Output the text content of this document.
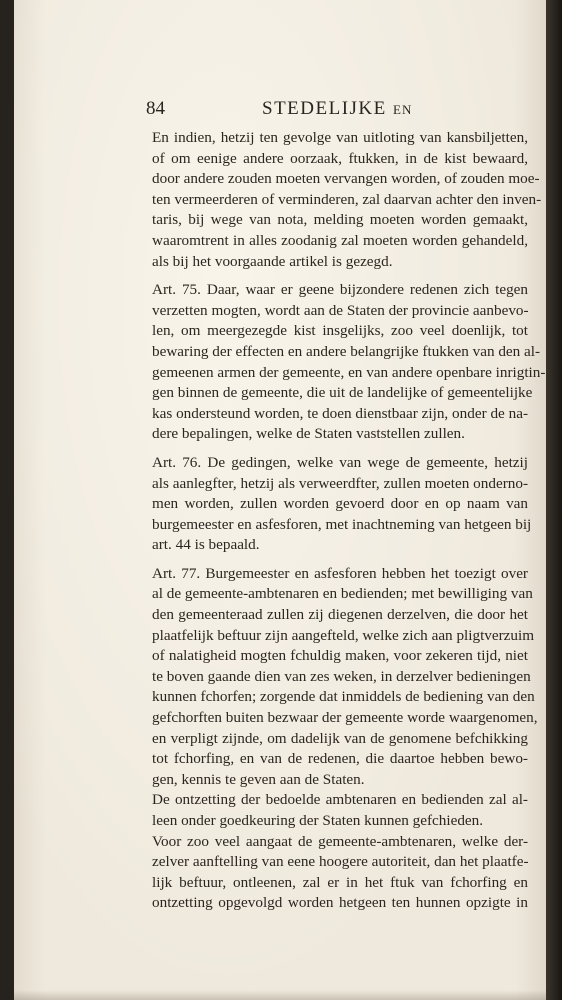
84	STEDELIJKE EN
En indien, hetzij ten gevolge van uitloting van kansbiljetten,
of om eenige andere oorzaak, ftukken, in de kist bewaard,
door andere zouden moeten vervangen worden, of zouden moe-
ten vermeerderen of verminderen, zal daarvan achter den inven-
taris, bij wege van nota, melding moeten worden gemaakt,
waaromtrent in alles zoodanig zal moeten worden gehandeld,
als bij het voorgaande artikel is gezegd.
Art. 75. Daar, waar er geene bijzondere redenen zich tegen
verzetten mogten, wordt aan de Staten der provincie aanbevo-
len, om meergezegde kist insgelijks, zoo veel doenlijk, tot
bewaring der effecten en andere belangrijke ftukken van den al-
gemeenen armen der gemeente, en van andere openbare inrigtin-
gen binnen de gemeente, die uit de landelijke of gemeentelijke
kas ondersteund worden, te doen dienstbaar zijn, onder de na-
dere bepalingen, welke de Staten vaststellen zullen.
Art. 76. De gedingen, welke van wege de gemeente, hetzij
als aanlegfter, hetzij als verweerdfter, zullen moeten onderno-
men worden, zullen worden gevoerd door en op naam van
burgemeester en asfesforen, met inachtneming van hetgeen bij
art. 44 is bepaald.
Art. 77. Burgemeester en asfesforen hebben het toezigt over
al de gemeente-ambtenaren en bedienden; met bewilliging van
den gemeenteraad zullen zij diegenen derzelven, die door het
plaatfelijk beftuur zijn aangefteld, welke zich aan pligtverzuim
of nalatigheid mogten fchuldig maken, voor zekeren tijd, niet
te boven gaande dien van zes weken, in derzelver bedieningen
kunnen fchorfen; zorgende dat inmiddels de bediening van den
gefchorften buiten bezwaar der gemeente worde waargenomen,
en verpligt zijnde, om dadelijk van de genomene befchikking
tot fchorfing, en van de redenen, die daartoe hebben bewo-
gen, kennis te geven aan de Staten.
De ontzetting der bedoelde ambtenaren en bedienden zal al-
leen onder goedkeuring der Staten kunnen gefchieden.
Voor zoo veel aangaat de gemeente-ambtenaren, welke der-
zelver aanftelling van eene hoogere autoriteit, dan het plaatfe-
lijk beftuur, ontleenen, zal er in het ftuk van fchorfing en
ontzetting opgevolgd worden hetgeen ten hunnen opzigte in
